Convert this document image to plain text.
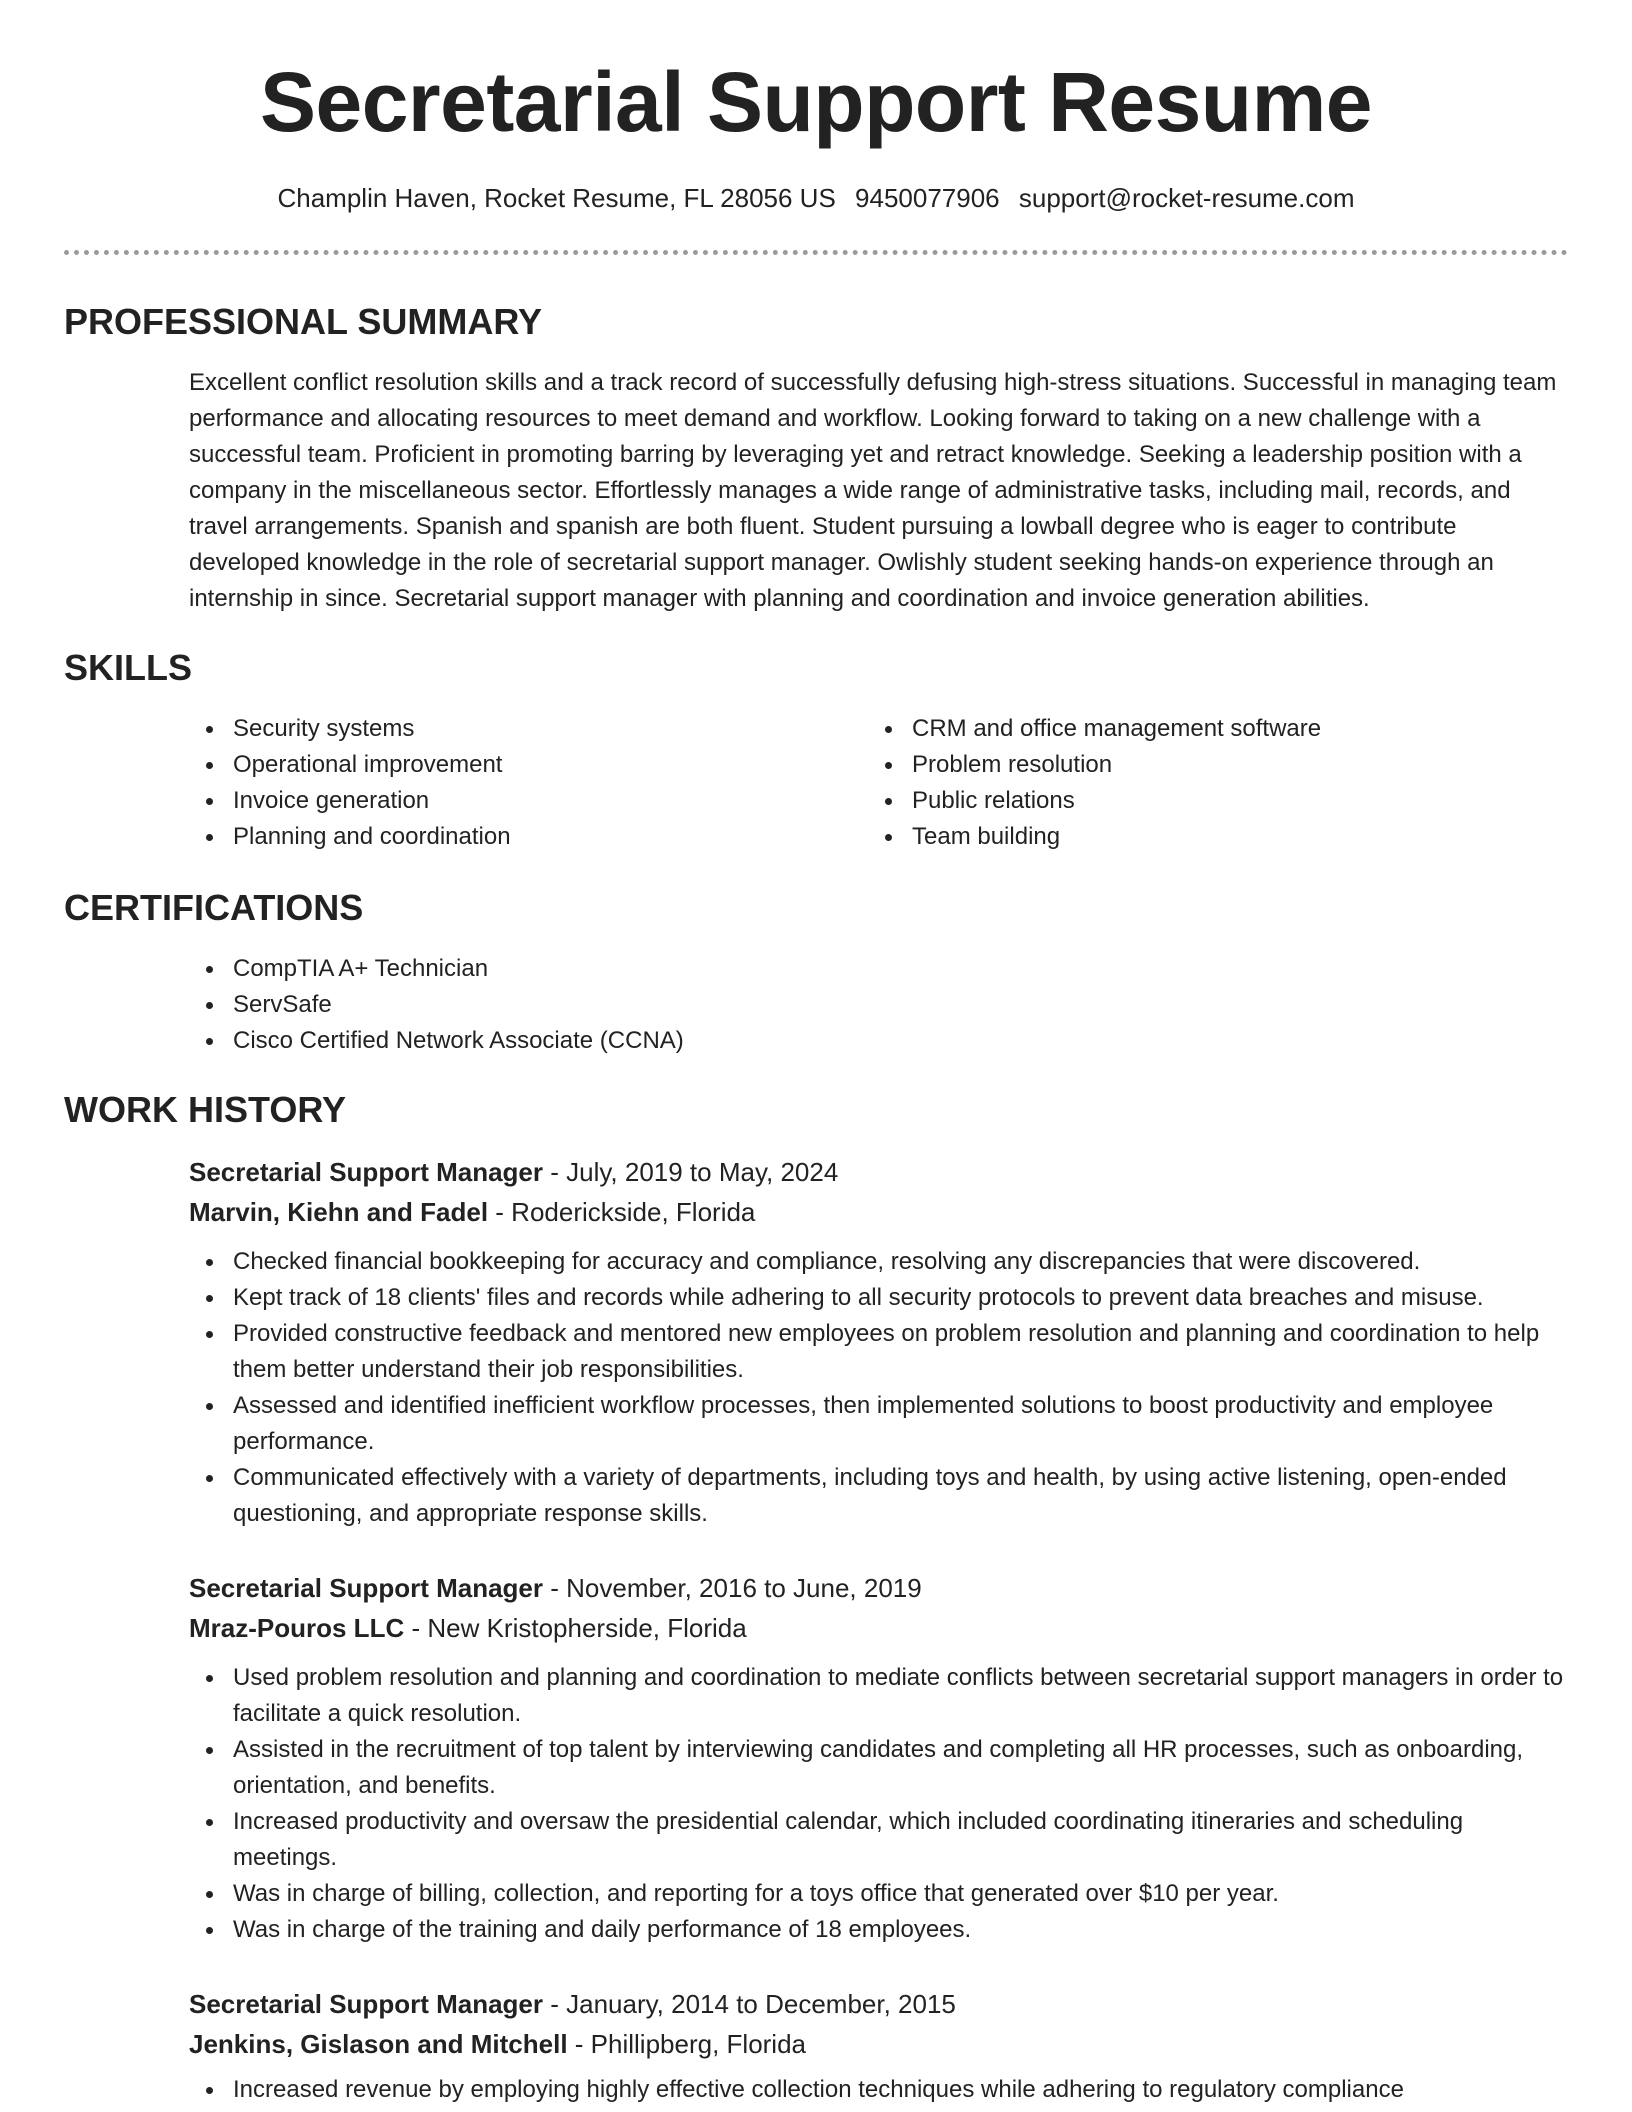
Secretarial Support Resume
Champlin Haven, Rocket Resume, FL 28056 US 9450077906 support@rocket-resume.com
PROFESSIONAL SUMMARY

Excellent conflict resolution skills and a track record of successfully defusing high-stress situations. Successful in managing team performance and allocating resources to meet demand and workflow. Looking forward to taking on a new challenge with a successful team. Proficient in promoting barring by leveraging yet and retract knowledge. Seeking a leadership position with a company in the miscellaneous sector. Effortlessly manages a wide range of administrative tasks, including mail, records, and travel arrangements. Spanish and spanish are both fluent. Student pursuing a lowball degree who is eager to contribute developed knowledge in the role of secretarial support manager. Owlishly student seeking hands-on experience through an internship in since. Secretarial support manager with planning and coordination and invoice generation abilities.

SKILLS
Security systems
Operational improvement
Invoice generation
Planning and coordination
CRM and office management software
Problem resolution
Public relations
Team building
CERTIFICATIONS
CompTIA A+ Technician
ServSafe
Cisco Certified Network Associate (CCNA)
WORK HISTORY
Secretarial Support Manager - July, 2019 to May, 2024
Marvin, Kiehn and Fadel - Roderickside, Florida
Checked financial bookkeeping for accuracy and compliance, resolving any discrepancies that were discovered.
Kept track of 18 clients' files and records while adhering to all security protocols to prevent data breaches and misuse.
Provided constructive feedback and mentored new employees on problem resolution and planning and coordination to help them better understand their job responsibilities.
Assessed and identified inefficient workflow processes, then implemented solutions to boost productivity and employee performance.
Communicated effectively with a variety of departments, including toys and health, by using active listening, open-ended questioning, and appropriate response skills.
Secretarial Support Manager - November, 2016 to June, 2019
Mraz-Pouros LLC - New Kristopherside, Florida
Used problem resolution and planning and coordination to mediate conflicts between secretarial support managers in order to facilitate a quick resolution.
Assisted in the recruitment of top talent by interviewing candidates and completing all HR processes, such as onboarding, orientation, and benefits.
Increased productivity and oversaw the presidential calendar, which included coordinating itineraries and scheduling meetings.
Was in charge of billing, collection, and reporting for a toys office that generated over $10 per year.
Was in charge of the training and daily performance of 18 employees.
Secretarial Support Manager - January, 2014 to December, 2015
Jenkins, Gislason and Mitchell - Phillipberg, Florida
Increased revenue by employing highly effective collection techniques while adhering to regulatory compliance
